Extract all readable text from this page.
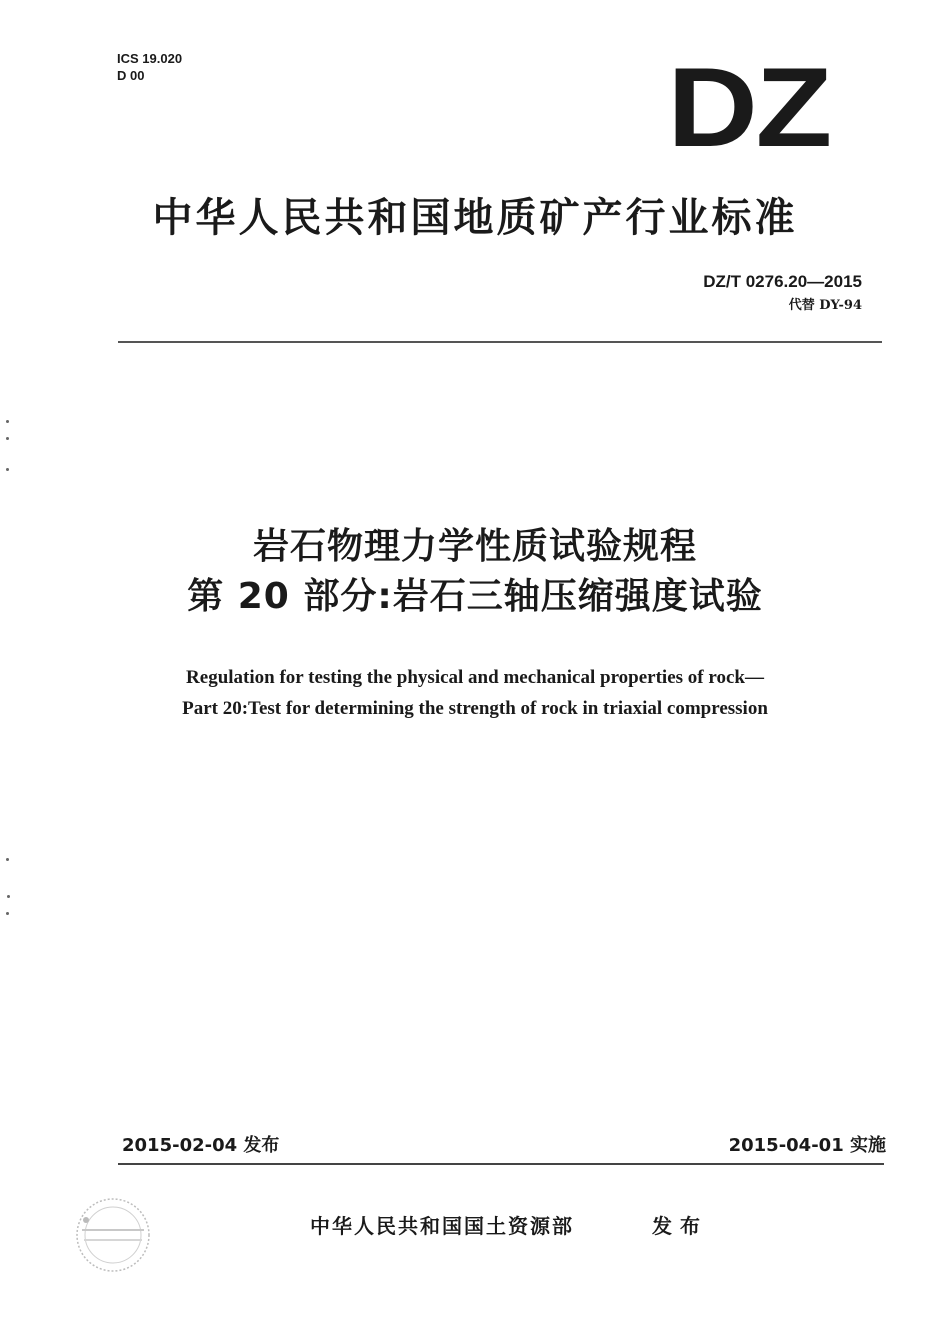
ICS 19.020
D 00	DZ
中华人民共和国地质矿产行业标准
DZ/T 0276.20—2015
代替 DY-94
岩石物理力学性质试验规程
第 20 部分:岩石三轴压缩强度试验
Regulation for testing the physical and mechanical properties of rock—
Part 20:Test for determining the strength of rock in triaxial compression
2015-02-04 发布	2015-04-01 实施
中华人民共和国国土资源部	发布
